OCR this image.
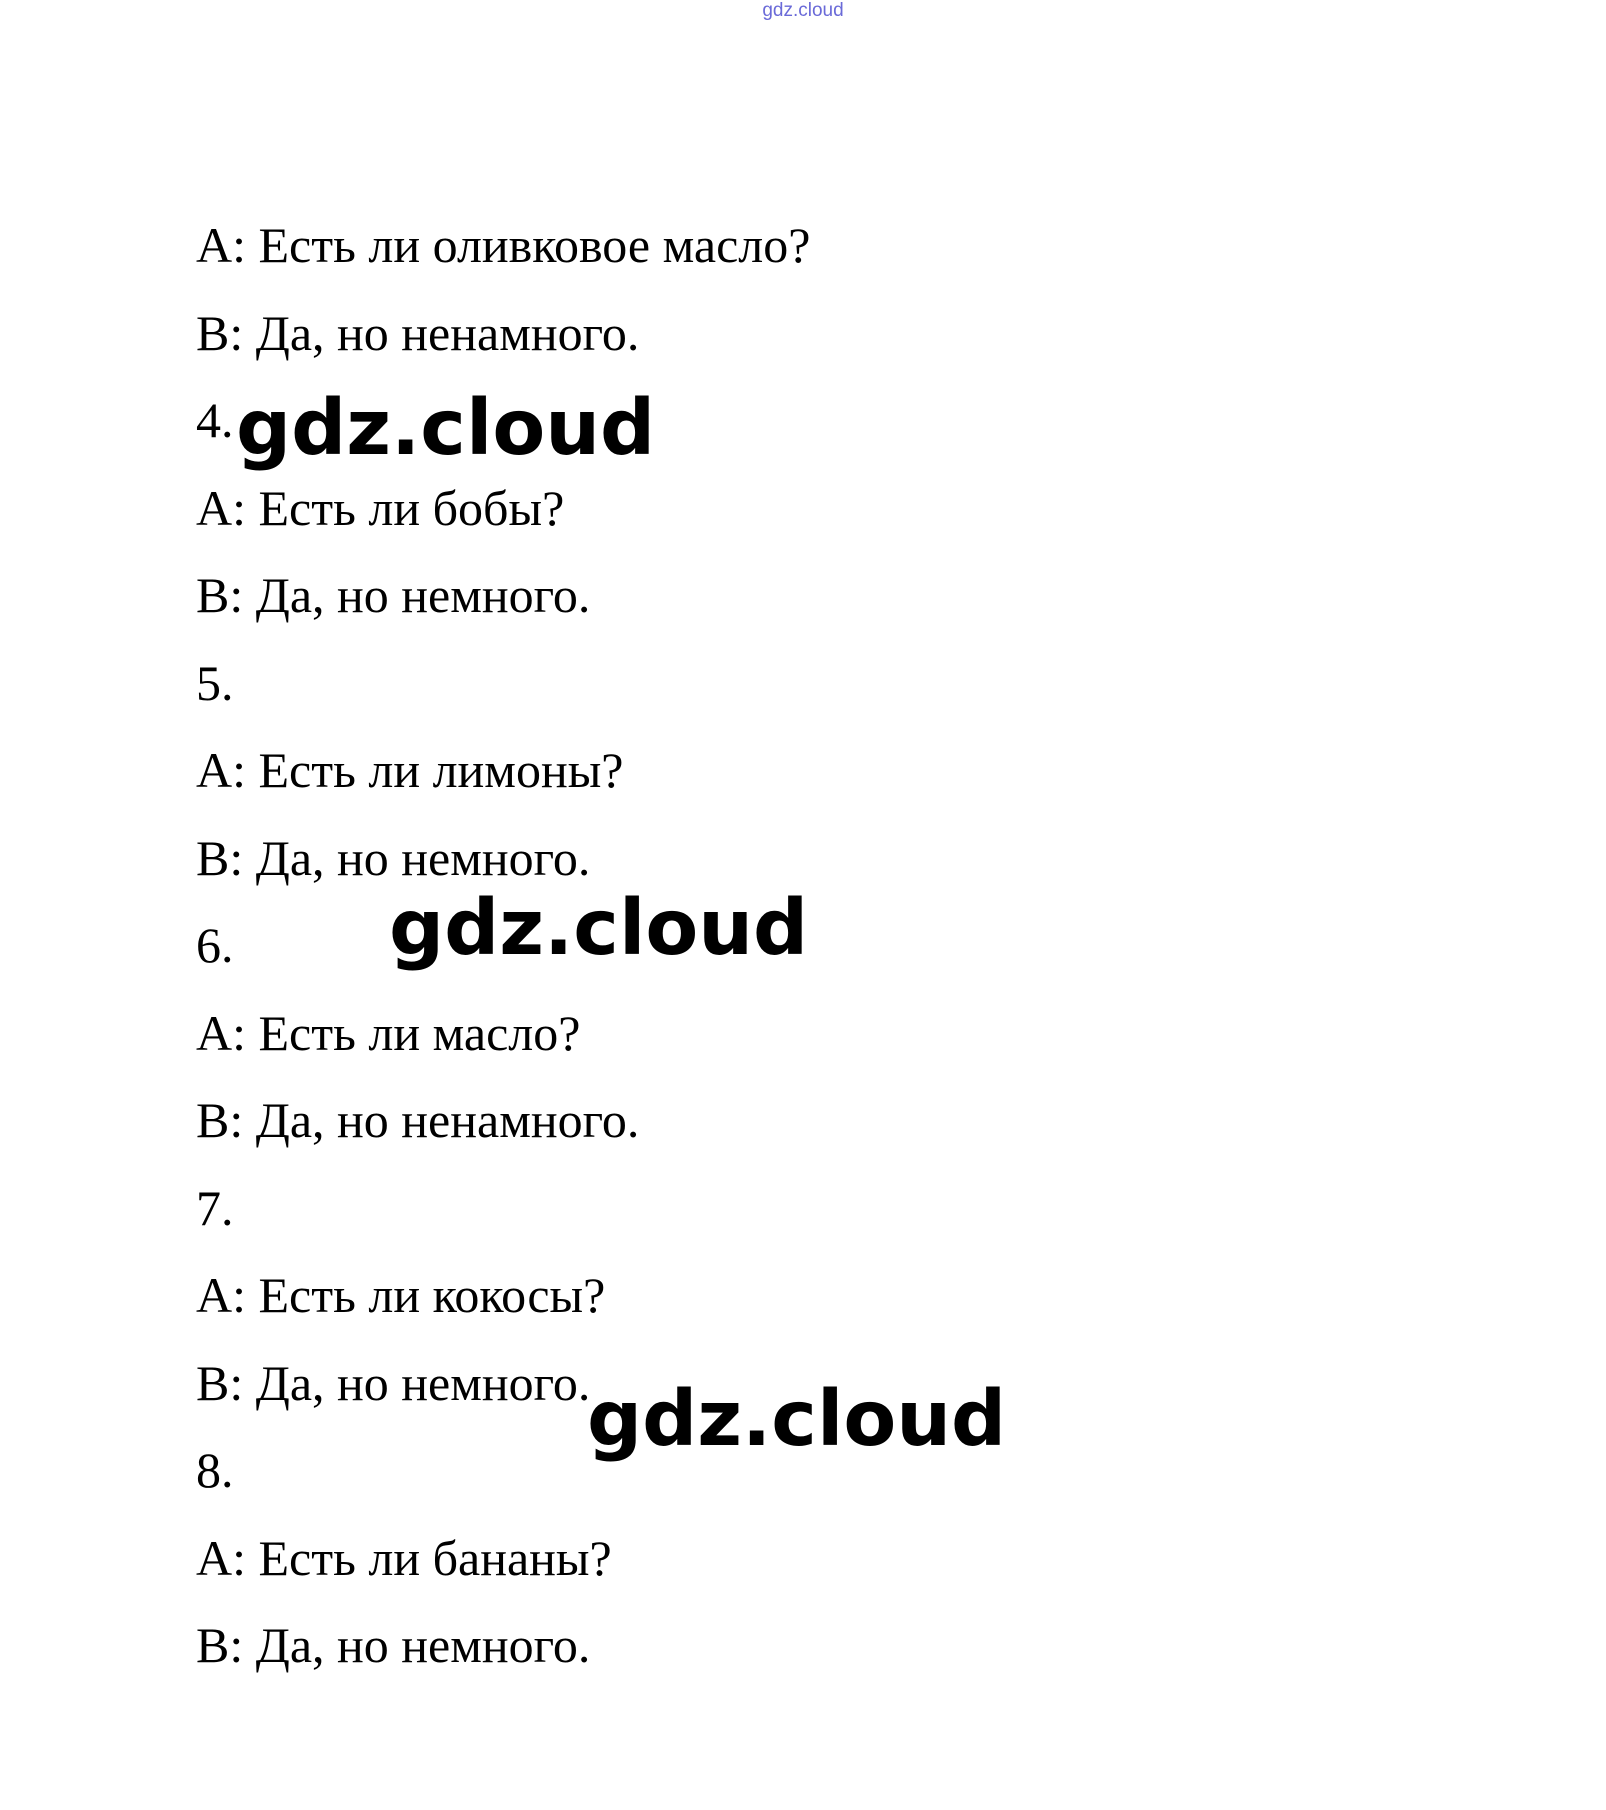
gdz.cloud
A: Есть ли оливковое масло?
B: Да, но ненамного.
4.
A: Есть ли бобы?
B: Да, но немного.
5.
A: Есть ли лимоны?
B: Да, но немного.
6.
A: Есть ли масло?
B: Да, но ненамного.
7.
A: Есть ли кокосы?
B: Да, но немного.
8.
A: Есть ли бананы?
B: Да, но немного.
gdz.cloud
gdz.cloud
gdz.cloud
